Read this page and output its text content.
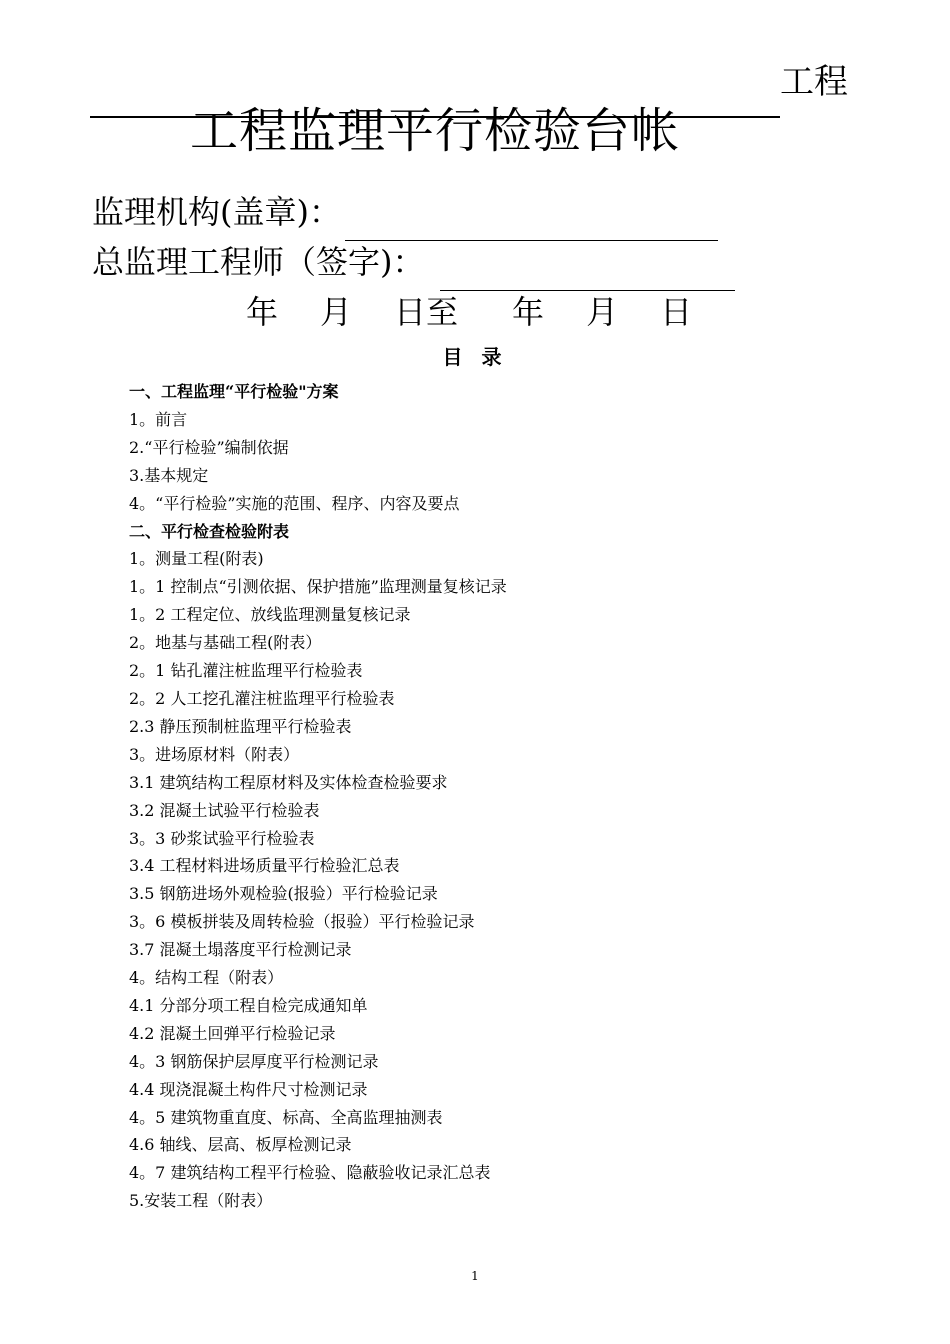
工程
工程监理平行检验台帐
监理机构(盖章)：
总监理工程师（签字)：
年 月 日至 年 月 日
目 录
一、工程监理“平行检验"方案
1。前言
2.“平行检验”编制依据
3.基本规定
4。“平行检验”实施的范围、程序、内容及要点
二、平行检查检验附表
1。测量工程(附表)
1。1 控制点“引测依据、保护措施”监理测量复核记录
1。2 工程定位、放线监理测量复核记录
2。地基与基础工程(附表）
2。1 钻孔灌注桩监理平行检验表
2。2 人工挖孔灌注桩监理平行检验表
2.3 静压预制桩监理平行检验表
3。进场原材料（附表）
3.1 建筑结构工程原材料及实体检查检验要求
3.2 混凝土试验平行检验表
3。3 砂浆试验平行检验表
3.4 工程材料进场质量平行检验汇总表
3.5 钢筋进场外观检验(报验）平行检验记录
3。6 模板拼装及周转检验（报验）平行检验记录
3.7 混凝土塌落度平行检测记录
4。结构工程（附表）
4.1 分部分项工程自检完成通知单
4.2 混凝土回弹平行检验记录
4。3 钢筋保护层厚度平行检测记录
4.4 现浇混凝土构件尺寸检测记录
4。5 建筑物重直度、标高、全高监理抽测表
4.6 轴线、层高、板厚检测记录
4。7 建筑结构工程平行检验、隐蔽验收记录汇总表
5.安装工程（附表）
1
